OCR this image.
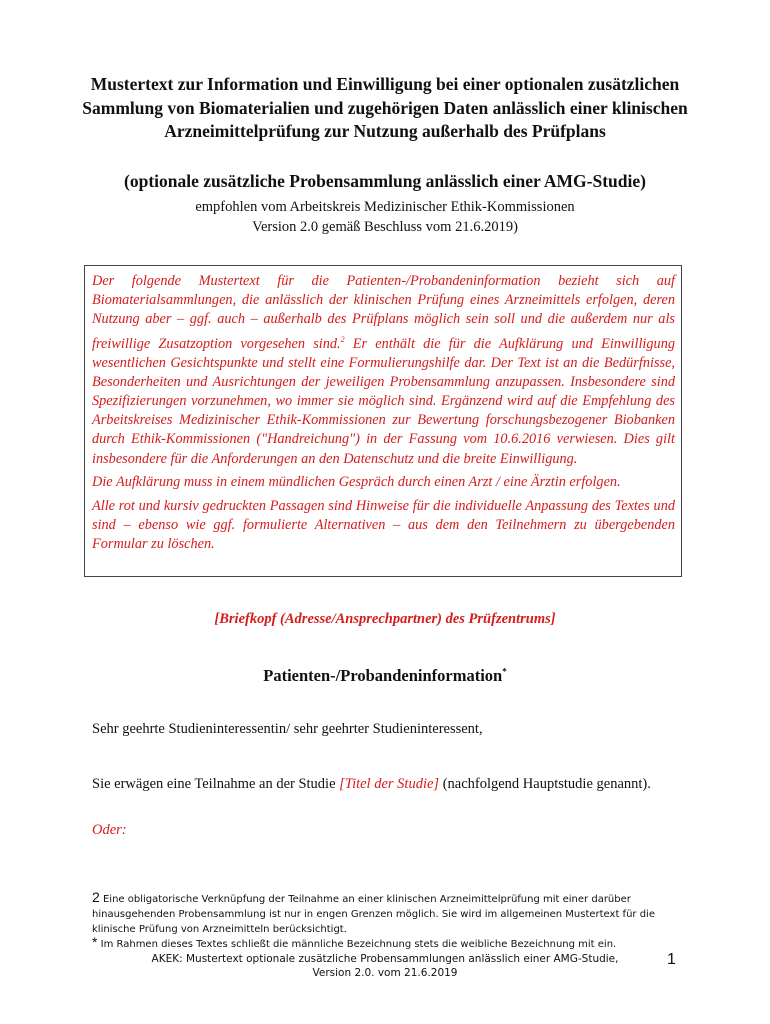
Mustertext zur Information und Einwilligung bei einer optionalen zusätzlichen Sammlung von Biomaterialien und zugehörigen Daten anlässlich einer klinischen Arzneimittelprüfung zur Nutzung außerhalb des Prüfplans
(optionale zusätzliche Probensammlung anlässlich einer AMG-Studie)
empfohlen vom Arbeitskreis Medizinischer Ethik-Kommissionen
Version 2.0 gemäß Beschluss vom 21.6.2019)

Der folgende Mustertext für die Patienten-/Probandeninformation bezieht sich auf Biomaterialsammlungen, die anlässlich der klinischen Prüfung eines Arzneimittels erfolgen, deren Nutzung aber – ggf. auch – außerhalb des Prüfplans möglich sein soll und die außerdem nur als freiwillige Zusatzoption vorgesehen sind.$^2$ Er enthält die für die Aufklärung und Einwilligung wesentlichen Gesichtspunkte und stellt eine Formulierungshilfe dar. Der Text ist an die Bedürfnisse, Besonderheiten und Ausrichtungen der jeweiligen Probensammlung anzupassen. Insbesondere sind Spezifizierungen vorzunehmen, wo immer sie möglich sind. Ergänzend wird auf die Empfehlung des Arbeitskreises Medizinischer Ethik-Kommissionen zur Bewertung forschungsbezogener Biobanken durch Ethik-Kommissionen ("Handreichung") in der Fassung vom 10.6.2016 verwiesen. Dies gilt insbesondere für die Anforderungen an den Datenschutz und die breite Einwilligung.

Die Aufklärung muss in einem mündlichen Gespräch durch einen Arzt / eine Ärztin erfolgen.

Alle rot und kursiv gedruckten Passagen sind Hinweise für die individuelle Anpassung des Textes und sind – ebenso wie ggf. formulierte Alternativen – aus dem den Teilnehmern zu übergebenden Formular zu löschen.

[Briefkopf (Adresse/Ansprechpartner) des Prüfzentrums]
Patienten-/Probandeninformation*
Sehr geehrte Studieninteressentin/ sehr geehrter Studieninteressent,
Sie erwägen eine Teilnahme an der Studie [Titel der Studie] (nachfolgend Hauptstudie genannt).
Oder:
2 Eine obligatorische Verknüpfung der Teilnahme an einer klinischen Arzneimittelprüfung mit einer darüber hinausgehenden Probensammlung ist nur in engen Grenzen möglich. Sie wird im allgemeinen Mustertext für die klinische Prüfung von Arzneimitteln berücksichtigt.
* Im Rahmen dieses Textes schließt die männliche Bezeichnung stets die weibliche Bezeichnung mit ein.
AKEK: Mustertext optionale zusätzliche Probensammlungen anlässlich einer AMG-Studie,
Version 2.0. vom 21.6.2019
1
